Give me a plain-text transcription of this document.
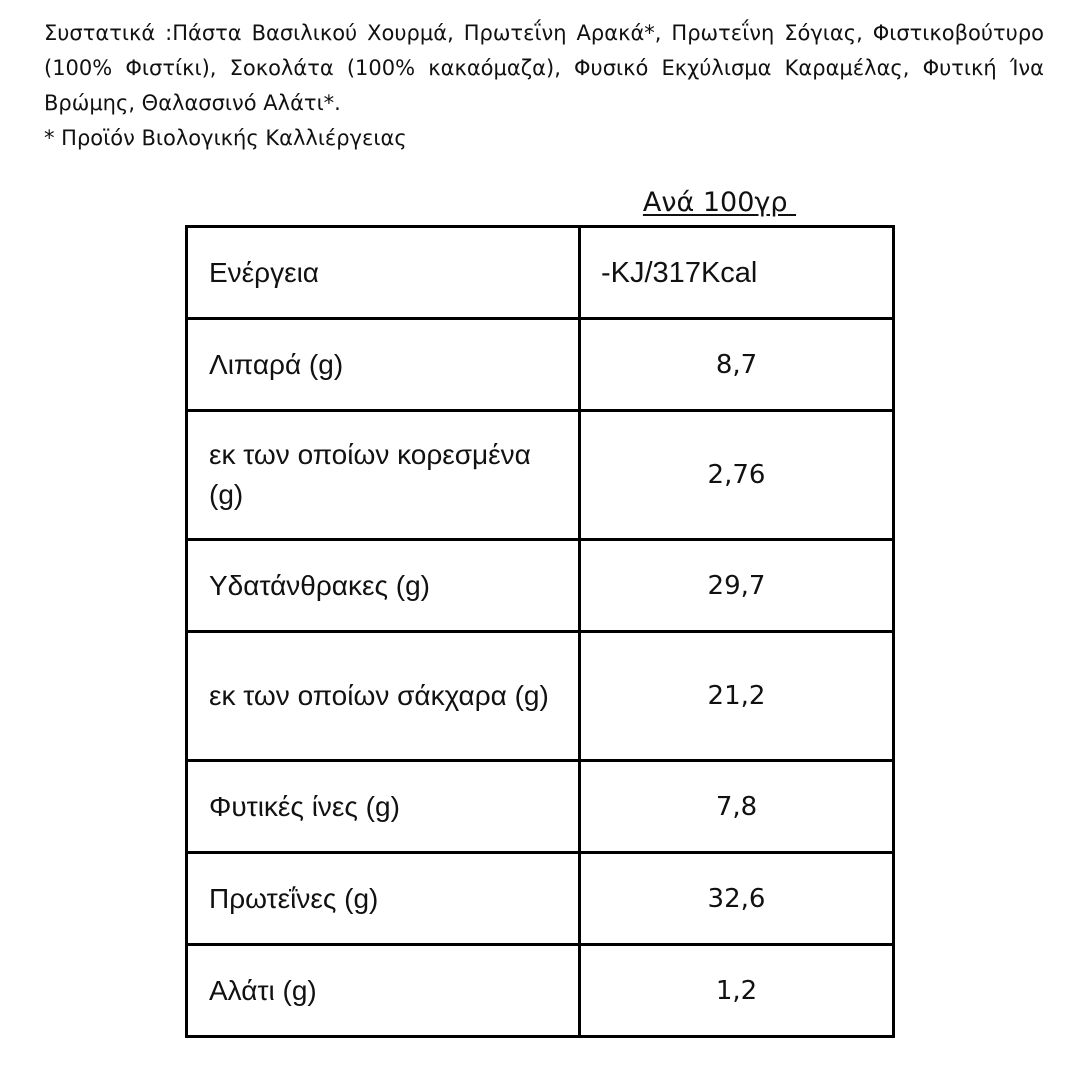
Συστατικά :Πάστα Βασιλικού Χουρμά, Πρωτεΐνη Αρακά*, Πρωτεΐνη Σόγιας, Φιστικοβούτυρο (100% Φιστίκι), Σοκολάτα (100% κακαόμαζα), Φυσικό Εκχύλισμα Καραμέλας, Φυτική Ίνα Βρώμης, Θαλασσινό Αλάτι*.

* Προϊόν Βιολογικής Καλλιέργειας

Ανά 100γρ
Ενέργεια	-KJ/317Kcal
Λιπαρά (g)	8,7
εκ των οποίων κορεσμένα (g)	2,76
Υδατάνθρακες (g)	29,7
εκ των οποίων σάκχαρα (g)	21,2
Φυτικές ίνες (g)	7,8
Πρωτεΐνες (g)	32,6
Αλάτι (g)	1,2
